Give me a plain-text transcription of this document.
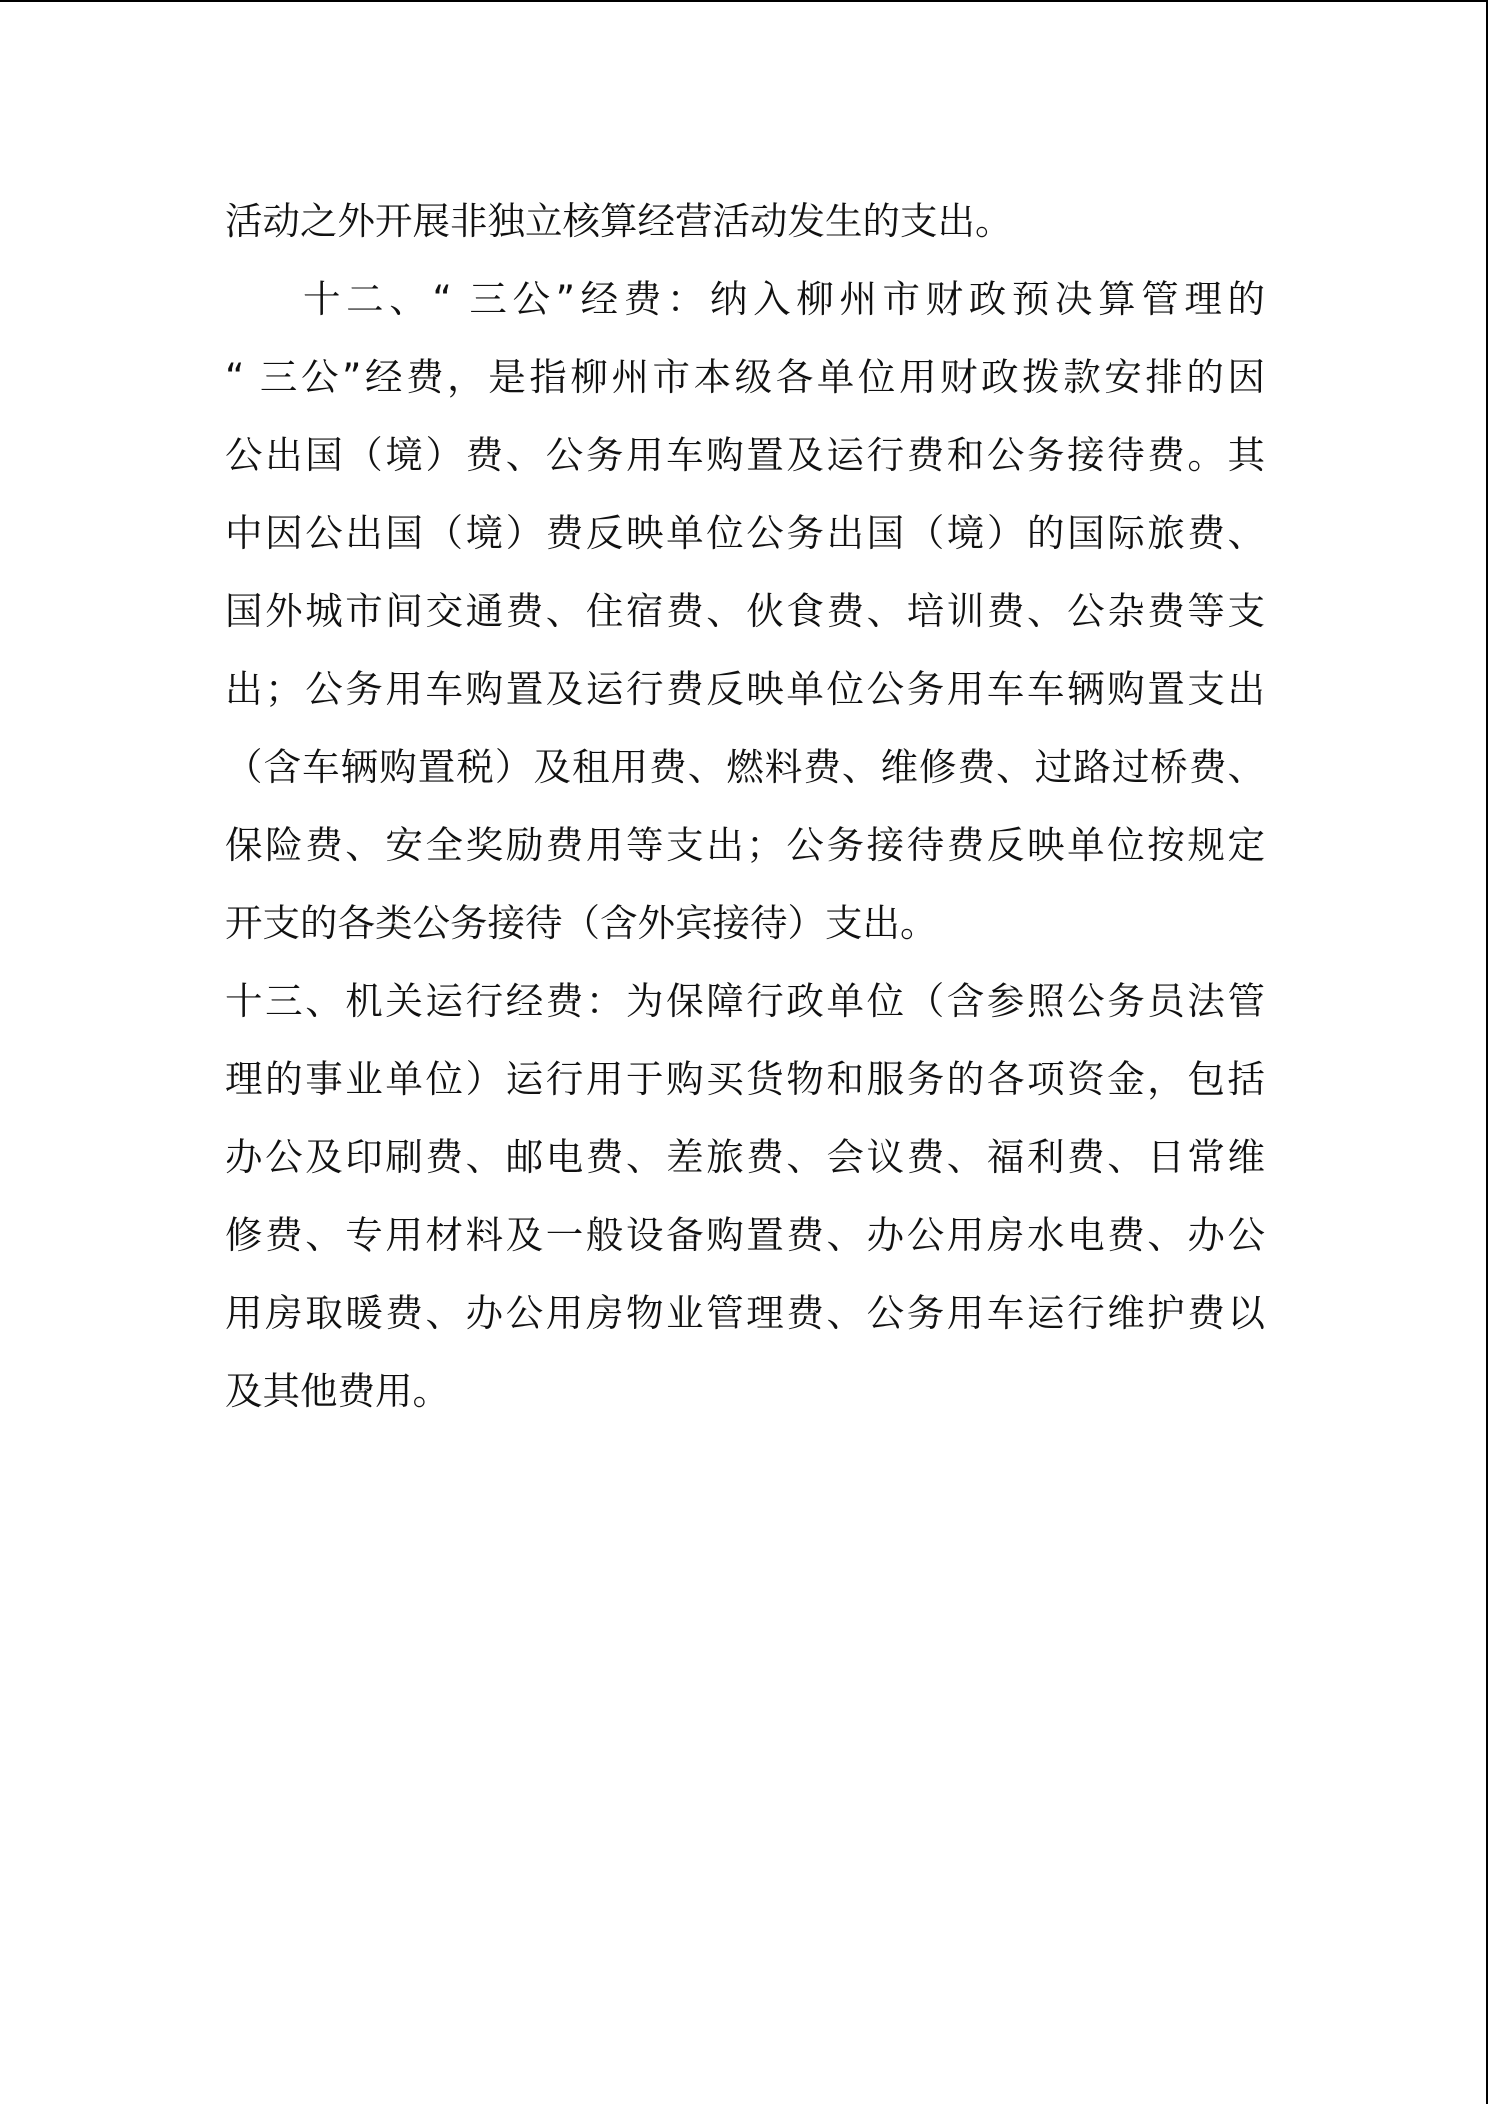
活动之外开展非独立核算经营活动发生的支出。
十二、“ 三公”经费：纳入柳州市财政预决算管理的
“ 三公”经费，是指柳州市本级各单位用财政拨款安排的因
公出国（境）费、公务用车购置及运行费和公务接待费。其
中因公出国（境）费反映单位公务出国（境）的国际旅费、
国外城市间交通费、住宿费、伙食费、培训费、公杂费等支
出；公务用车购置及运行费反映单位公务用车车辆购置支出
（含车辆购置税）及租用费、燃料费、维修费、过路过桥费、
保险费、安全奖励费用等支出；公务接待费反映单位按规定
开支的各类公务接待（含外宾接待）支出。
十三、机关运行经费：为保障行政单位（含参照公务员法管
理的事业单位）运行用于购买货物和服务的各项资金，包括
办公及印刷费、邮电费、差旅费、会议费、福利费、日常维
修费、专用材料及一般设备购置费、办公用房水电费、办公
用房取暖费、办公用房物业管理费、公务用车运行维护费以
及其他费用。
